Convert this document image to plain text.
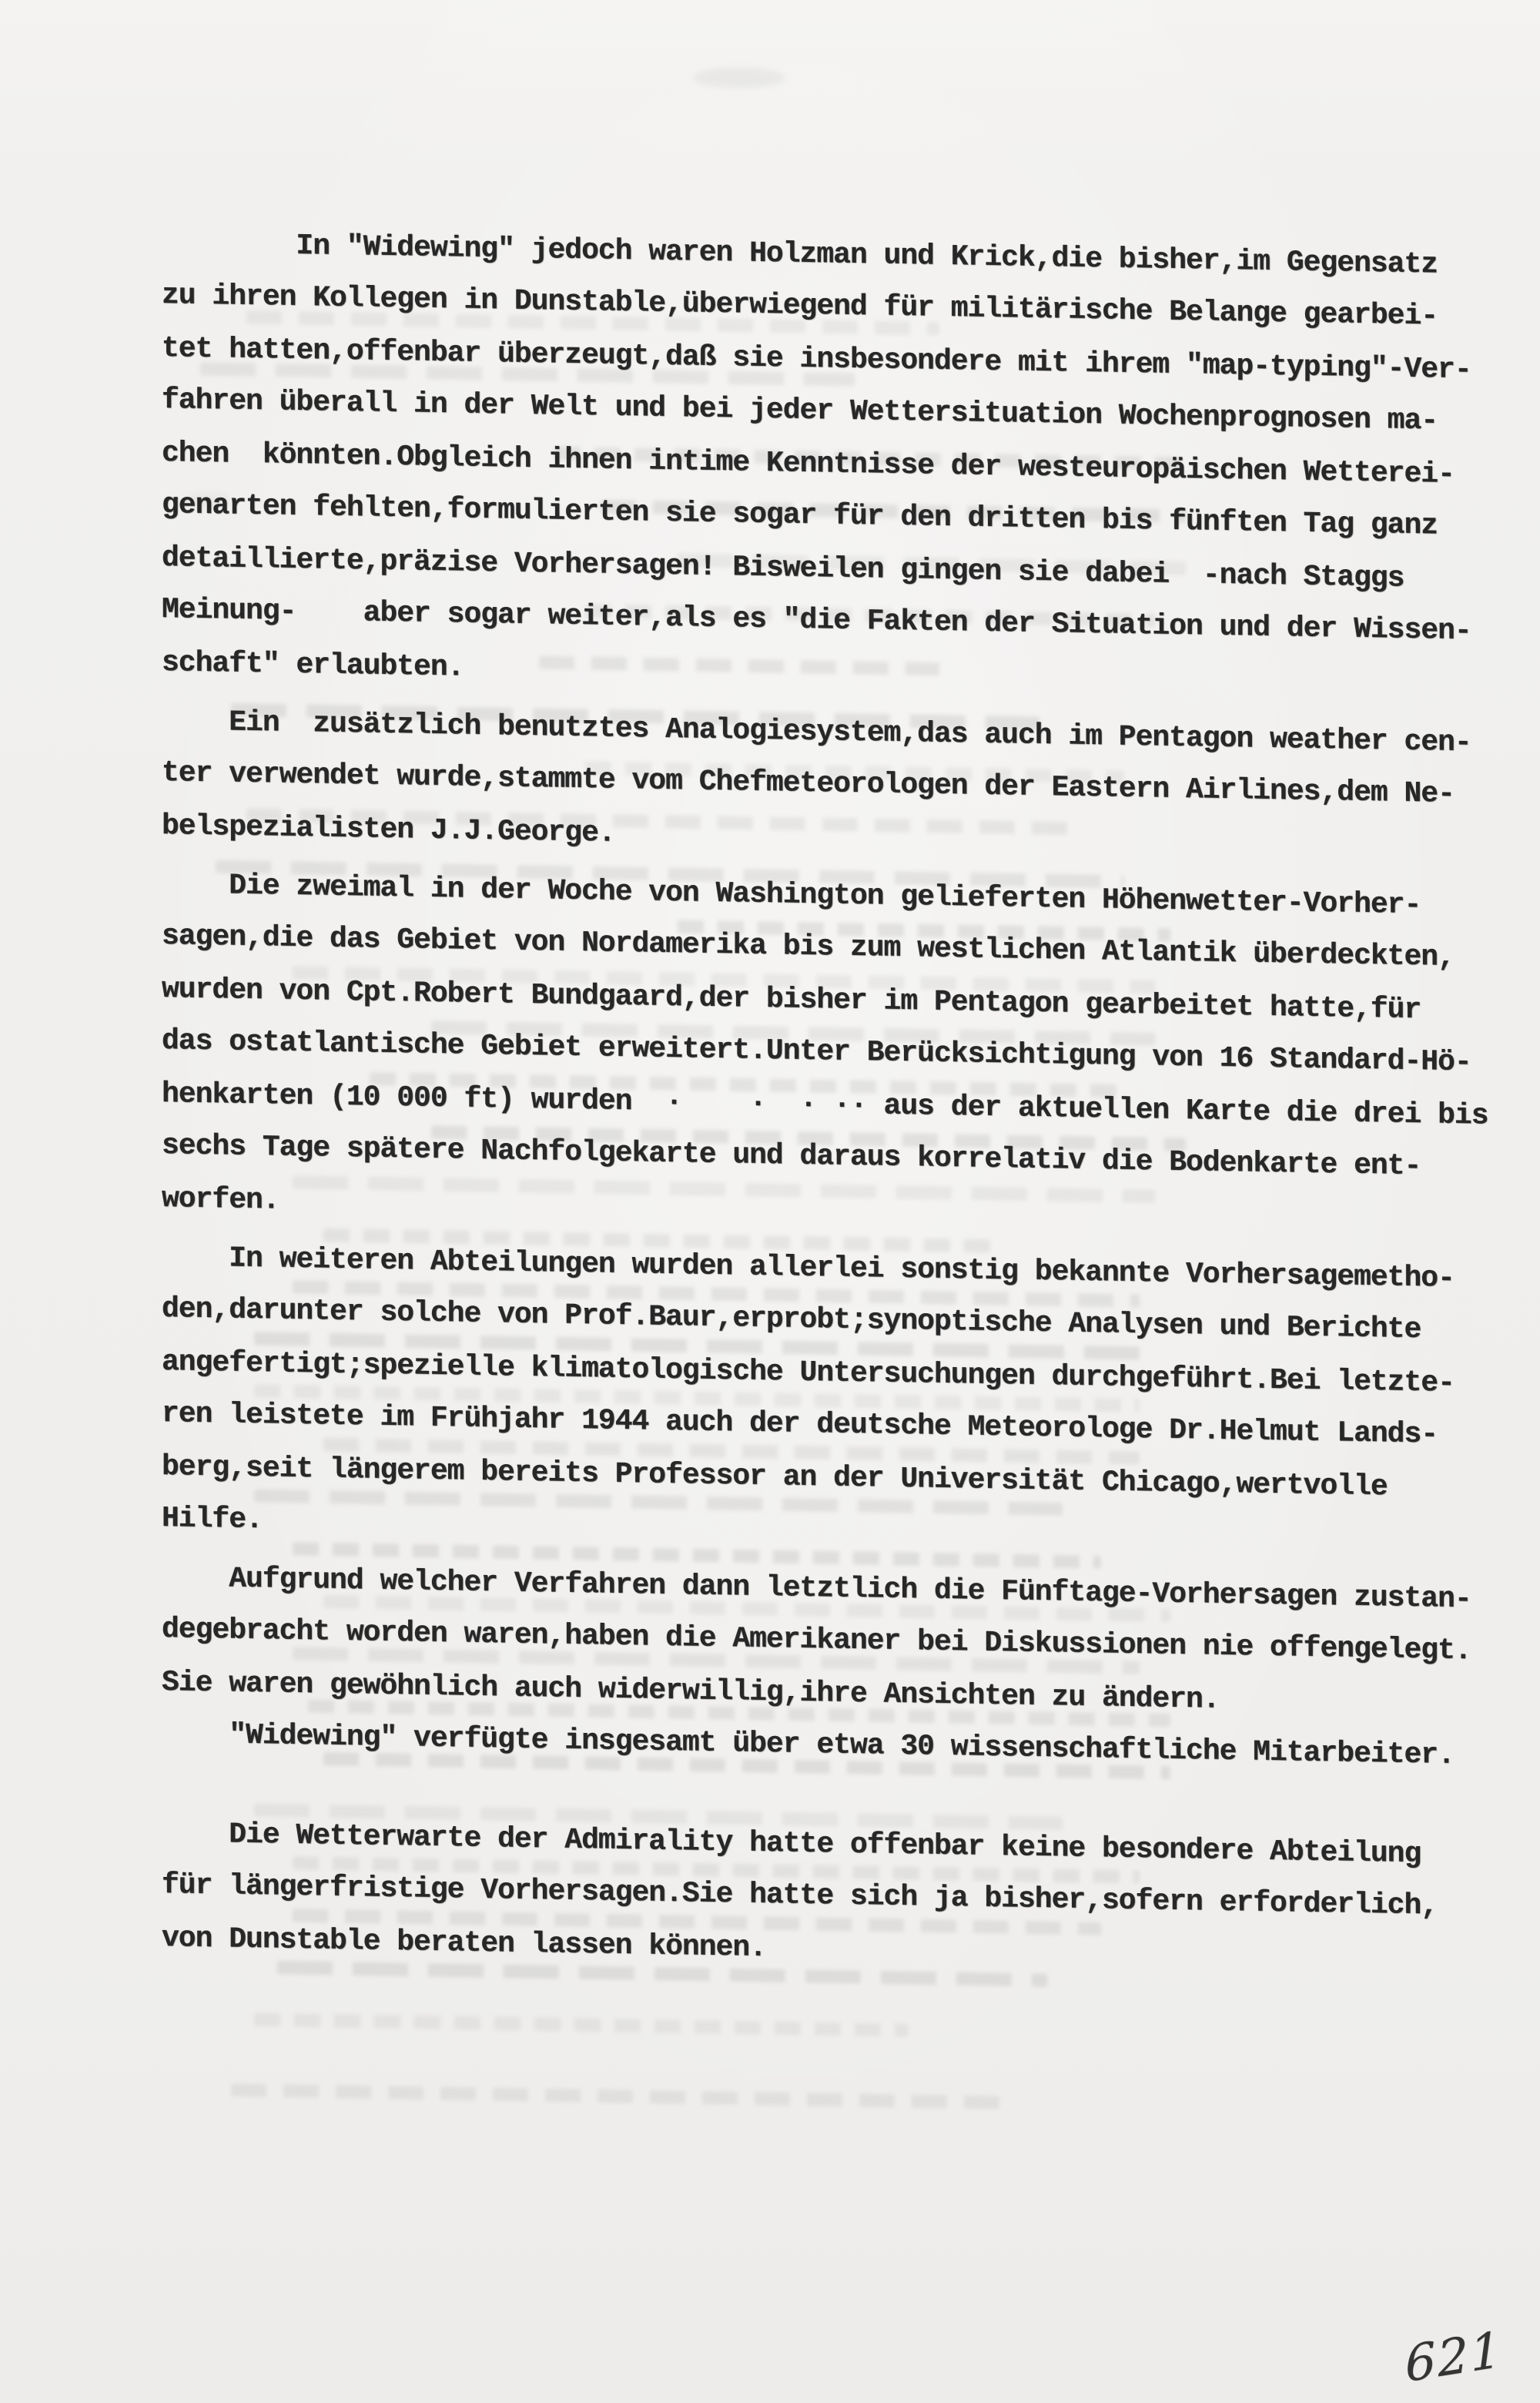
In "Widewing" jedoch waren Holzman und Krick,die bisher,im Gegensatz
zu ihren Kollegen in Dunstable,überwiegend für militärische Belange gearbei-
tet hatten,offenbar überzeugt,daß sie insbesondere mit ihrem "map-typing"-Ver-
fahren überall in der Welt und bei jeder Wettersituation Wochenprognosen ma-
chen  könnten.Obgleich ihnen intime Kenntnisse der westeuropäischen Wetterei-
genarten fehlten,formulierten sie sogar für den dritten bis fünften Tag ganz
detaillierte,präzise Vorhersagen! Bisweilen gingen sie dabei  -nach Staggs
Meinung-    aber sogar weiter,als es "die Fakten der Situation und der Wissen-
schaft" erlaubten.
Ein  zusätzlich benutztes Analogiesystem,das auch im Pentagon weather cen-
ter verwendet wurde,stammte vom Chefmeteorologen der Eastern Airlines,dem Ne-
belspezialisten J.J.George.
Die zweimal in der Woche von Washington gelieferten Höhenwetter-Vorher-
sagen,die das Gebiet von Nordamerika bis zum westlichen Atlantik überdeckten,
wurden von Cpt.Robert Bundgaard,der bisher im Pentagon gearbeitet hatte,für
das ostatlantische Gebiet erweitert.Unter Berücksichtigung von 16 Standard-Hö-
henkarten (10 000 ft) wurden  ·    ·  · ·· aus der aktuellen Karte die drei bis
sechs Tage spätere Nachfolgekarte und daraus korrelativ die Bodenkarte ent-
worfen.
In weiteren Abteilungen wurden allerlei sonstig bekannte Vorhersagemetho-
den,darunter solche von Prof.Baur,erprobt;synoptische Analysen und Berichte
angefertigt;spezielle klimatologische Untersuchungen durchgeführt.Bei letzte-
ren leistete im Frühjahr 1944 auch der deutsche Meteorologe Dr.Helmut Lands-
berg,seit längerem bereits Professor an der Universität Chicago,wertvolle
Hilfe.
Aufgrund welcher Verfahren dann letztlich die Fünftage-Vorhersagen zustan-
degebracht worden waren,haben die Amerikaner bei Diskussionen nie offengelegt.
Sie waren gewöhnlich auch widerwillig,ihre Ansichten zu ändern.
"Widewing" verfügte insgesamt über etwa 30 wissenschaftliche Mitarbeiter.
Die Wetterwarte der Admirality hatte offenbar keine besondere Abteilung
für längerfristige Vorhersagen.Sie hatte sich ja bisher,sofern erforderlich,
von Dunstable beraten lassen können.
621
